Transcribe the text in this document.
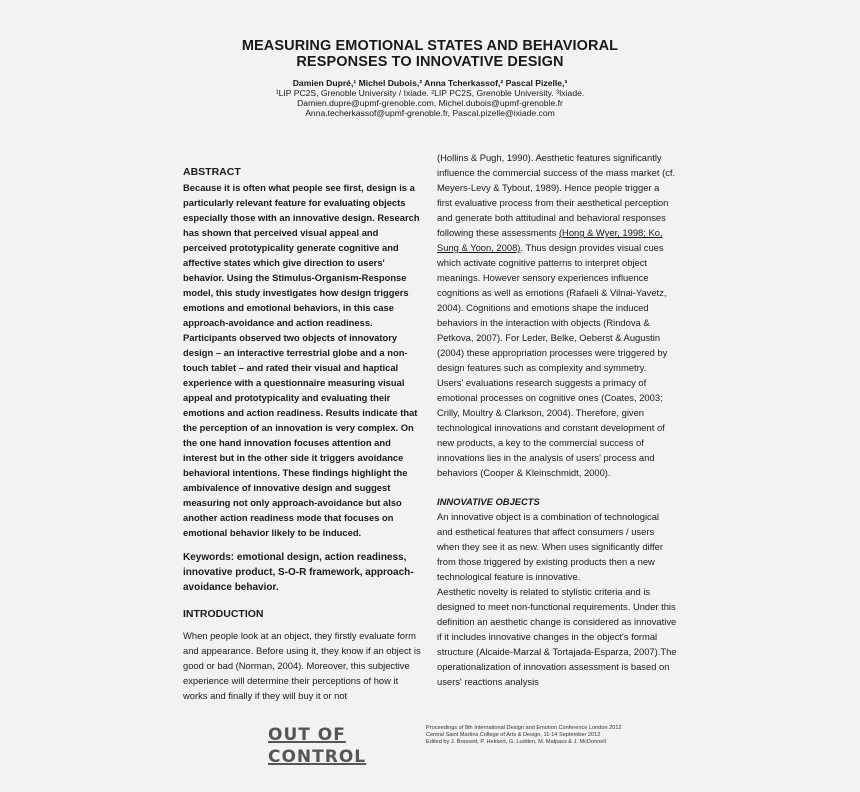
MEASURING EMOTIONAL STATES AND BEHAVIORAL
RESPONSES TO INNOVATIVE DESIGN
Damien Dupré,¹ Michel Dubois,² Anna Tcherkassof,² Pascal Pizelle,³
¹LIP PC2S, Grenoble University / Ixiade. ²LIP PC2S, Grenoble University. ³Ixiade.
Damien.dupre@upmf-grenoble.com, Michel.dubois@upmf-grenoble.fr
Anna.techerkassof@upmf-grenoble.fr, Pascal.pizelle@ixiade.com

ABSTRACT

Because it is often what people see first, design is a particularly relevant feature for evaluating objects especially those with an innovative design. Research has shown that perceived visual appeal and perceived prototypicality generate cognitive and affective states which give direction to users' behavior. Using the Stimulus-Organism-Response model, this study investigates how design triggers emotions and emotional behaviors, in this case approach-avoidance and action readiness. Participants observed two objects of innovatory design – an interactive terrestrial globe and a non-touch tablet – and rated their visual and haptical experience with a questionnaire measuring visual appeal and prototypicality and evaluating their emotions and action readiness. Results indicate that the perception of an innovation is very complex. On the one hand innovation focuses attention and interest but in the other side it triggers avoidance behavioral intentions. These findings highlight the ambivalence of innovative design and suggest measuring not only approach-avoidance but also another action readiness mode that focuses on emotional behavior likely to be induced.

Keywords: emotional design, action readiness, innovative product, S-O-R framework, approach-avoidance behavior.

INTRODUCTION

When people look at an object, they firstly evaluate form and appearance. Before using it, they know if an object is good or bad (Norman, 2004). Moreover, this subjective experience will determine their perceptions of how it works and finally if they will buy it or not

(Hollins & Pugh, 1990). Aesthetic features significantly influence the commercial success of the mass market (cf. Meyers-Levy & Tybout, 1989). Hence people trigger a first evaluative process from their aesthetical perception and generate both attitudinal and behavioral responses following these assessments (Hong & Wyer, 1998; Ko, Sung & Yoon, 2008). Thus design provides visual cues which activate cognitive patterns to interpret object meanings. However sensory experiences influence cognitions as well as emotions (Rafaeli & Vilnai-Yavetz, 2004). Cognitions and emotions shape the induced behaviors in the interaction with objects (Rindova & Petkova, 2007). For Leder, Belke, Oeberst & Augustin (2004) these appropriation processes were triggered by design features such as complexity and symmetry.

Users' evaluations research suggests a primacy of emotional processes on cognitive ones (Coates, 2003; Crilly, Moultry & Clarkson, 2004). Therefore, given technological innovations and constant development of new products, a key to the commercial success of innovations lies in the analysis of users' process and behaviors (Cooper & Kleinschmidt, 2000).

INNOVATIVE OBJECTS

An innovative object is a combination of technological and esthetical features that affect consumers / users when they see it as new. When uses significantly differ from those triggered by existing products then a new technological feature is innovative.

Aesthetic novelty is related to stylistic criteria and is designed to meet non-functional requirements. Under this definition an aesthetic change is considered as innovative if it includes innovative changes in the object's formal structure (Alcaide-Marzal & Tortajada-Esparza, 2007).The operationalization of innovation assessment is based on users' reactions analysis

OUT OF CONTROL
Proceedings of 8th International Design and Emotion Conference London 2012
Central Saint Martins College of Arts & Design, 11-14 September 2012
Edited by J. Brassett, P. Hekkert, G. Ludden, M. Malpass & J. McDonnell
